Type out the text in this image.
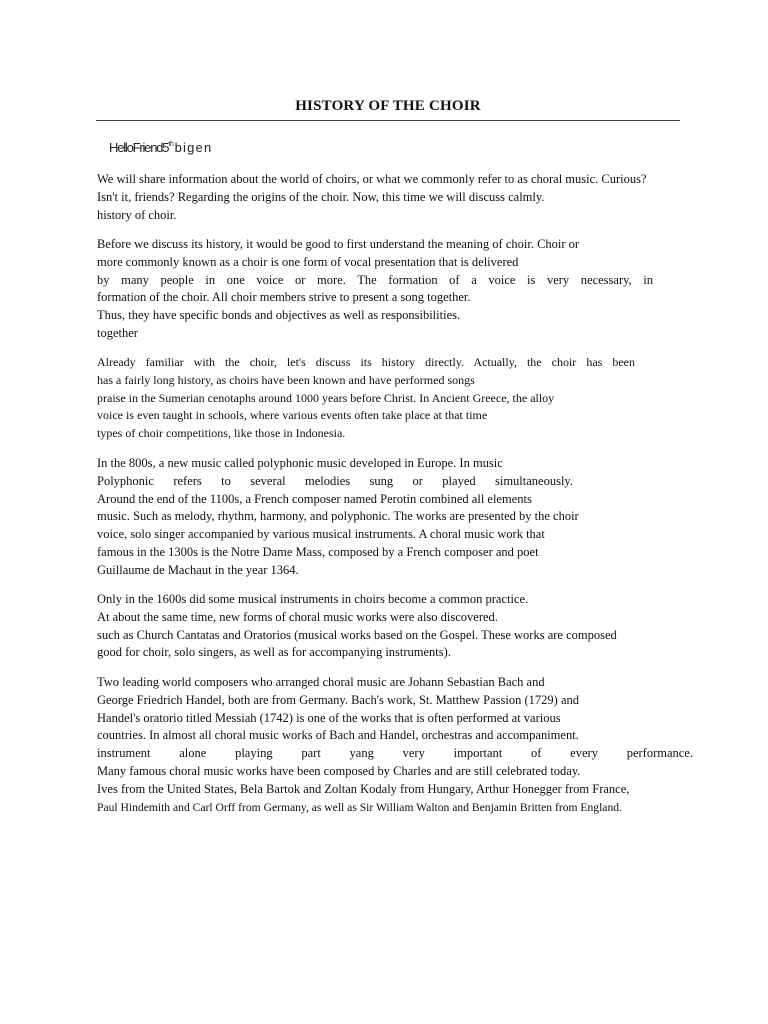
HISTORY OF THE CHOIR
HelloFriend5thbigen
We will share information about the world of choirs, or what we commonly refer to as choral music. Curious?
Isn't it, friends? Regarding the origins of the choir. Now, this time we will discuss calmly.
history of choir.
Before we discuss its history, it would be good to first understand the meaning of choir. Choir or
more commonly known as a choir is one form of vocal presentation that is delivered
by many people in one voice or more. The formation of a voice is very necessary, in
formation of the choir. All choir members strive to present a song together.
Thus, they have specific bonds and objectives as well as responsibilities.
together
Already familiar with the choir, let's discuss its history directly. Actually, the choir has been
has a fairly long history, as choirs have been known and have performed songs
praise in the Sumerian cenotaphs around 1000 years before Christ. In Ancient Greece, the alloy
voice is even taught in schools, where various events often take place at that time
types of choir competitions, like those in Indonesia.
In the 800s, a new music called polyphonic music developed in Europe. In music
Polyphonic refers to several melodies sung or played simultaneously.
Around the end of the 1100s, a French composer named Perotin combined all elements
music. Such as melody, rhythm, harmony, and polyphonic. The works are presented by the choir
voice, solo singer accompanied by various musical instruments. A choral music work that
famous in the 1300s is the Notre Dame Mass, composed by a French composer and poet
Guillaume de Machaut in the year 1364.
Only in the 1600s did some musical instruments in choirs become a common practice.
At about the same time, new forms of choral music works were also discovered.
such as Church Cantatas and Oratorios (musical works based on the Gospel. These works are composed
good for choir, solo singers, as well as for accompanying instruments).
Two leading world composers who arranged choral music are Johann Sebastian Bach and
George Friedrich Handel, both are from Germany. Bach's work, St. Matthew Passion (1729) and
Handel's oratorio titled Messiah (1742) is one of the works that is often performed at various
countries. In almost all choral music works of Bach and Handel, orchestras and accompaniment.
instrument alone playing part yang very important of every performance.
Many famous choral music works have been composed by Charles and are still celebrated today.
Ives from the United States, Bela Bartok and Zoltan Kodaly from Hungary, Arthur Honegger from France,
Paul Hindemith and Carl Orff from Germany, as well as Sir William Walton and Benjamin Britten from England.
